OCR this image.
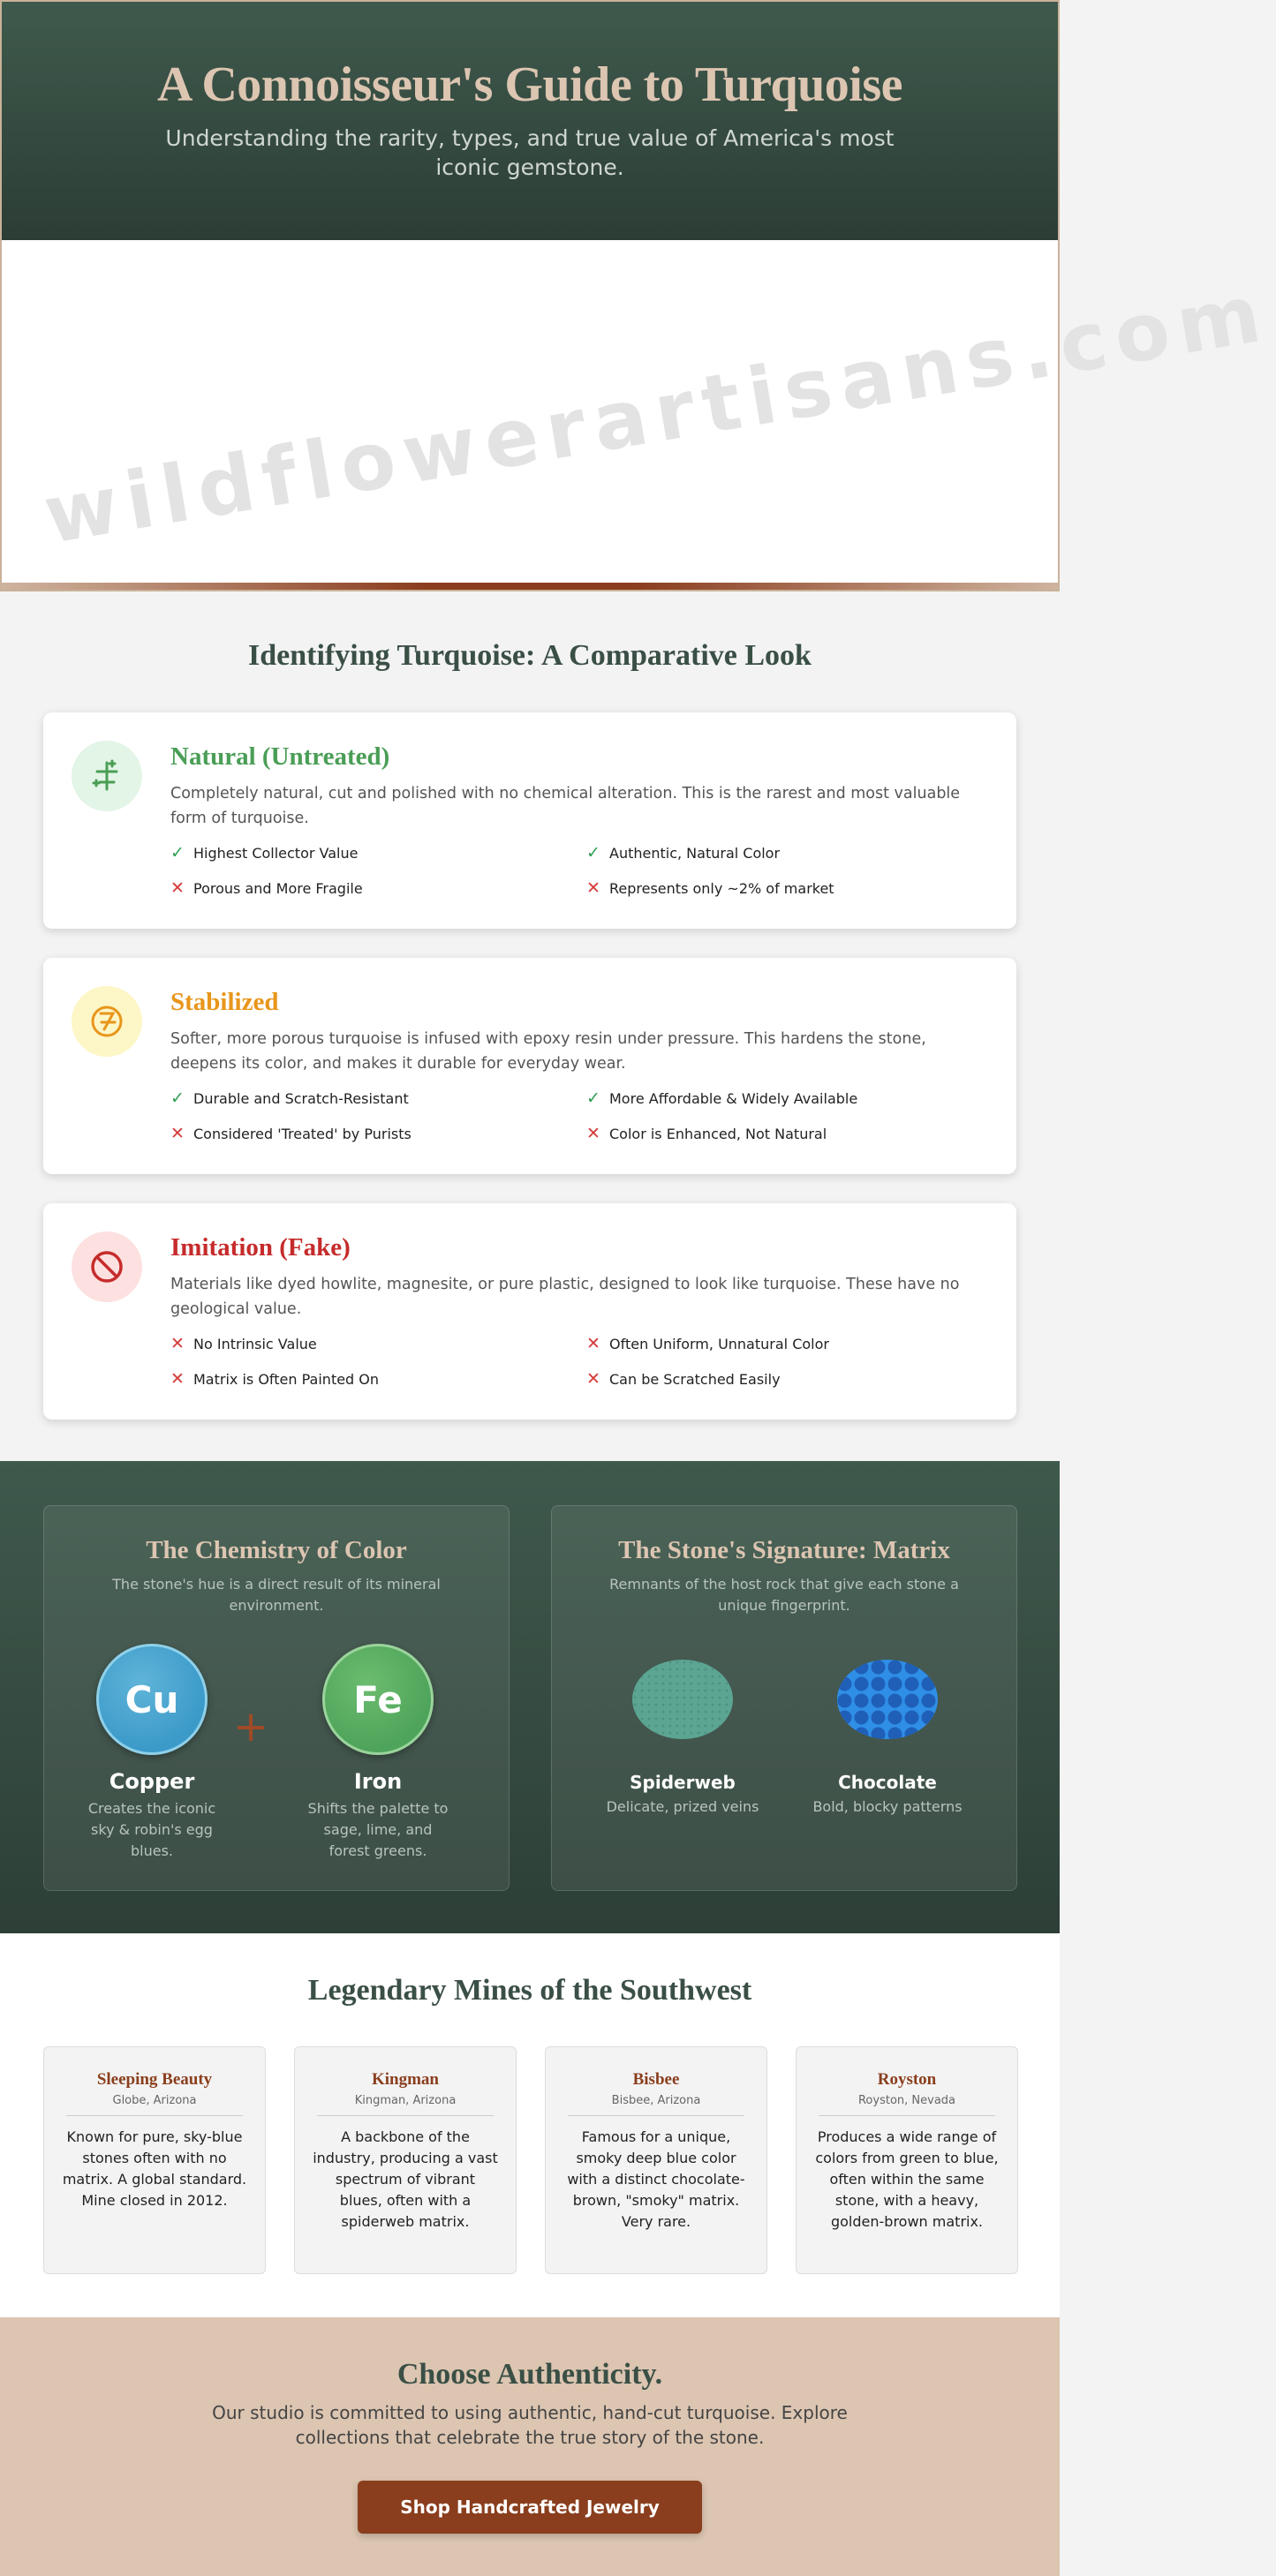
A Connoisseur's Guide to Turquoise

Understanding the rarity, types, and true value of America's most iconic gemstone.

wildflowerartisans.com
Identifying Turquoise: A Comparative Look
Natural (Untreated)
Completely natural, cut and polished with no chemical alteration. This is the rarest and most valuable form of turquoise.
✓ Highest Collector Value	✓ Authentic, Natural Color
✕ Porous and More Fragile	✕ Represents only ~2% of market
Stabilized
Softer, more porous turquoise is infused with epoxy resin under pressure. This hardens the stone, deepens its color, and makes it durable for everyday wear.
✓ Durable and Scratch-Resistant	✓ More Affordable & Widely Available
✕ Considered 'Treated' by Purists	✕ Color is Enhanced, Not Natural
Imitation (Fake)
Materials like dyed howlite, magnesite, or pure plastic, designed to look like turquoise. These have no geological value.
✕ No Intrinsic Value	✕ Often Uniform, Unnatural Color
✕ Matrix is Often Painted On	✕ Can be Scratched Easily
The Chemistry of Color
The stone's hue is a direct result of its mineral environment.
Cu
Copper
Creates the iconic sky & robin's egg blues.
+
Fe
Iron
Shifts the palette to sage, lime, and forest greens.
The Stone's Signature: Matrix
Remnants of the host rock that give each stone a unique fingerprint.
Spiderweb
Delicate, prized veins
Chocolate
Bold, blocky patterns
Legendary Mines of the Southwest
Sleeping Beauty
Globe, Arizona
Known for pure, sky-blue stones often with no matrix. A global standard. Mine closed in 2012.
Kingman
Kingman, Arizona
A backbone of the industry, producing a vast spectrum of vibrant blues, often with a spiderweb matrix.
Bisbee
Bisbee, Arizona
Famous for a unique, smoky deep blue color with a distinct chocolate-brown, "smoky" matrix. Very rare.
Royston
Royston, Nevada
Produces a wide range of colors from green to blue, often within the same stone, with a heavy, golden-brown matrix.
Choose Authenticity.

Our studio is committed to using authentic, hand-cut turquoise. Explore collections that celebrate the true story of the stone.

Shop Handcrafted Jewelry
